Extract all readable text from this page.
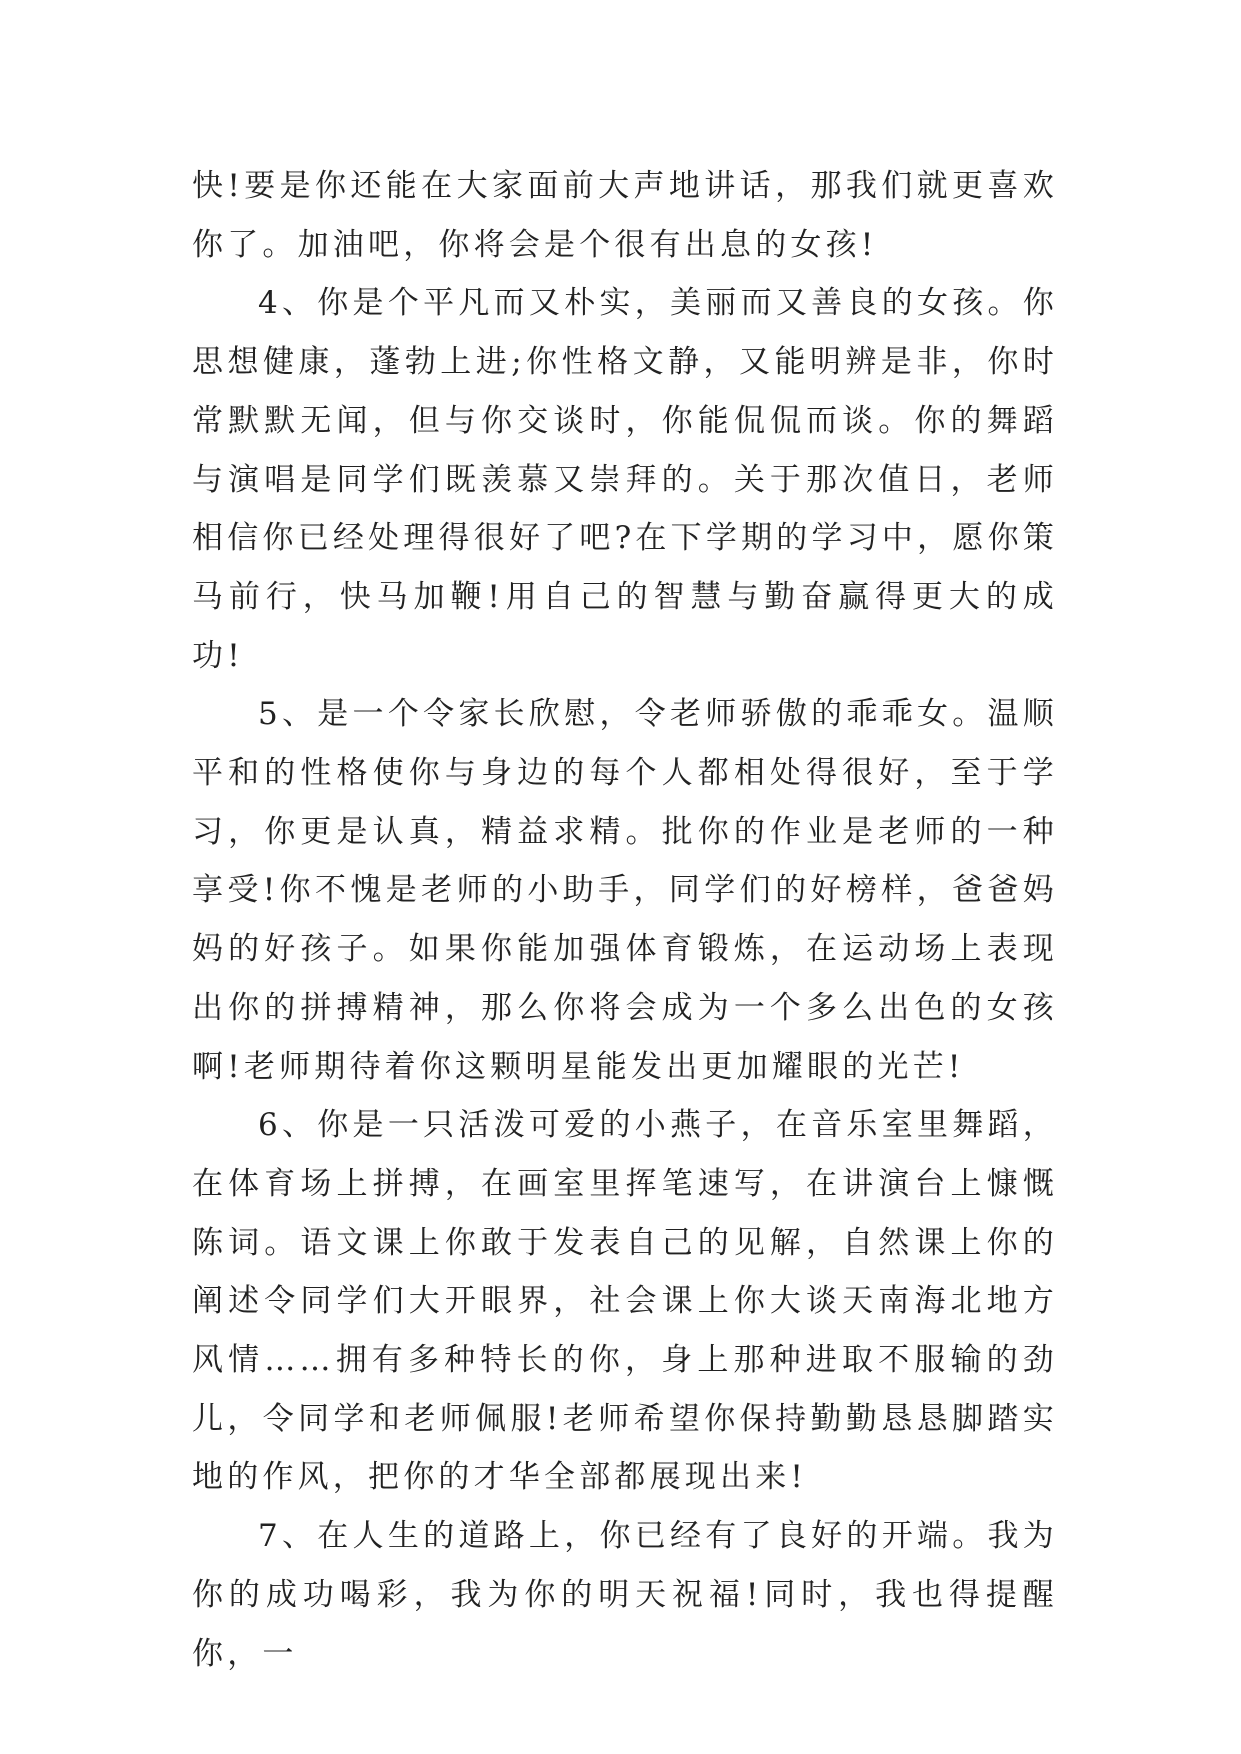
快!要是你还能在大家面前大声地讲话，那我们就更喜欢你了。加油吧，你将会是个很有出息的女孩!

4、你是个平凡而又朴实，美丽而又善良的女孩。你思想健康，蓬勃上进;你性格文静，又能明辨是非，你时常默默无闻，但与你交谈时，你能侃侃而谈。你的舞蹈与演唱是同学们既羡慕又崇拜的。关于那次值日，老师相信你已经处理得很好了吧?在下学期的学习中，愿你策马前行，快马加鞭!用自己的智慧与勤奋赢得更大的成功!

5、是一个令家长欣慰，令老师骄傲的乖乖女。温顺平和的性格使你与身边的每个人都相处得很好，至于学习，你更是认真，精益求精。批你的作业是老师的一种享受!你不愧是老师的小助手，同学们的好榜样，爸爸妈妈的好孩子。如果你能加强体育锻炼，在运动场上表现出你的拼搏精神，那么你将会成为一个多么出色的女孩啊!老师期待着你这颗明星能发出更加耀眼的光芒!

6、你是一只活泼可爱的小燕子，在音乐室里舞蹈，在体育场上拼搏，在画室里挥笔速写，在讲演台上慷慨陈词。语文课上你敢于发表自己的见解，自然课上你的阐述令同学们大开眼界，社会课上你大谈天南海北地方风情……拥有多种特长的你，身上那种进取不服输的劲儿，令同学和老师佩服!老师希望你保持勤勤恳恳脚踏实地的作风，把你的才华全部都展现出来!

7、在人生的道路上，你已经有了良好的开端。我为你的成功喝彩，我为你的明天祝福!同时，我也得提醒你，一
